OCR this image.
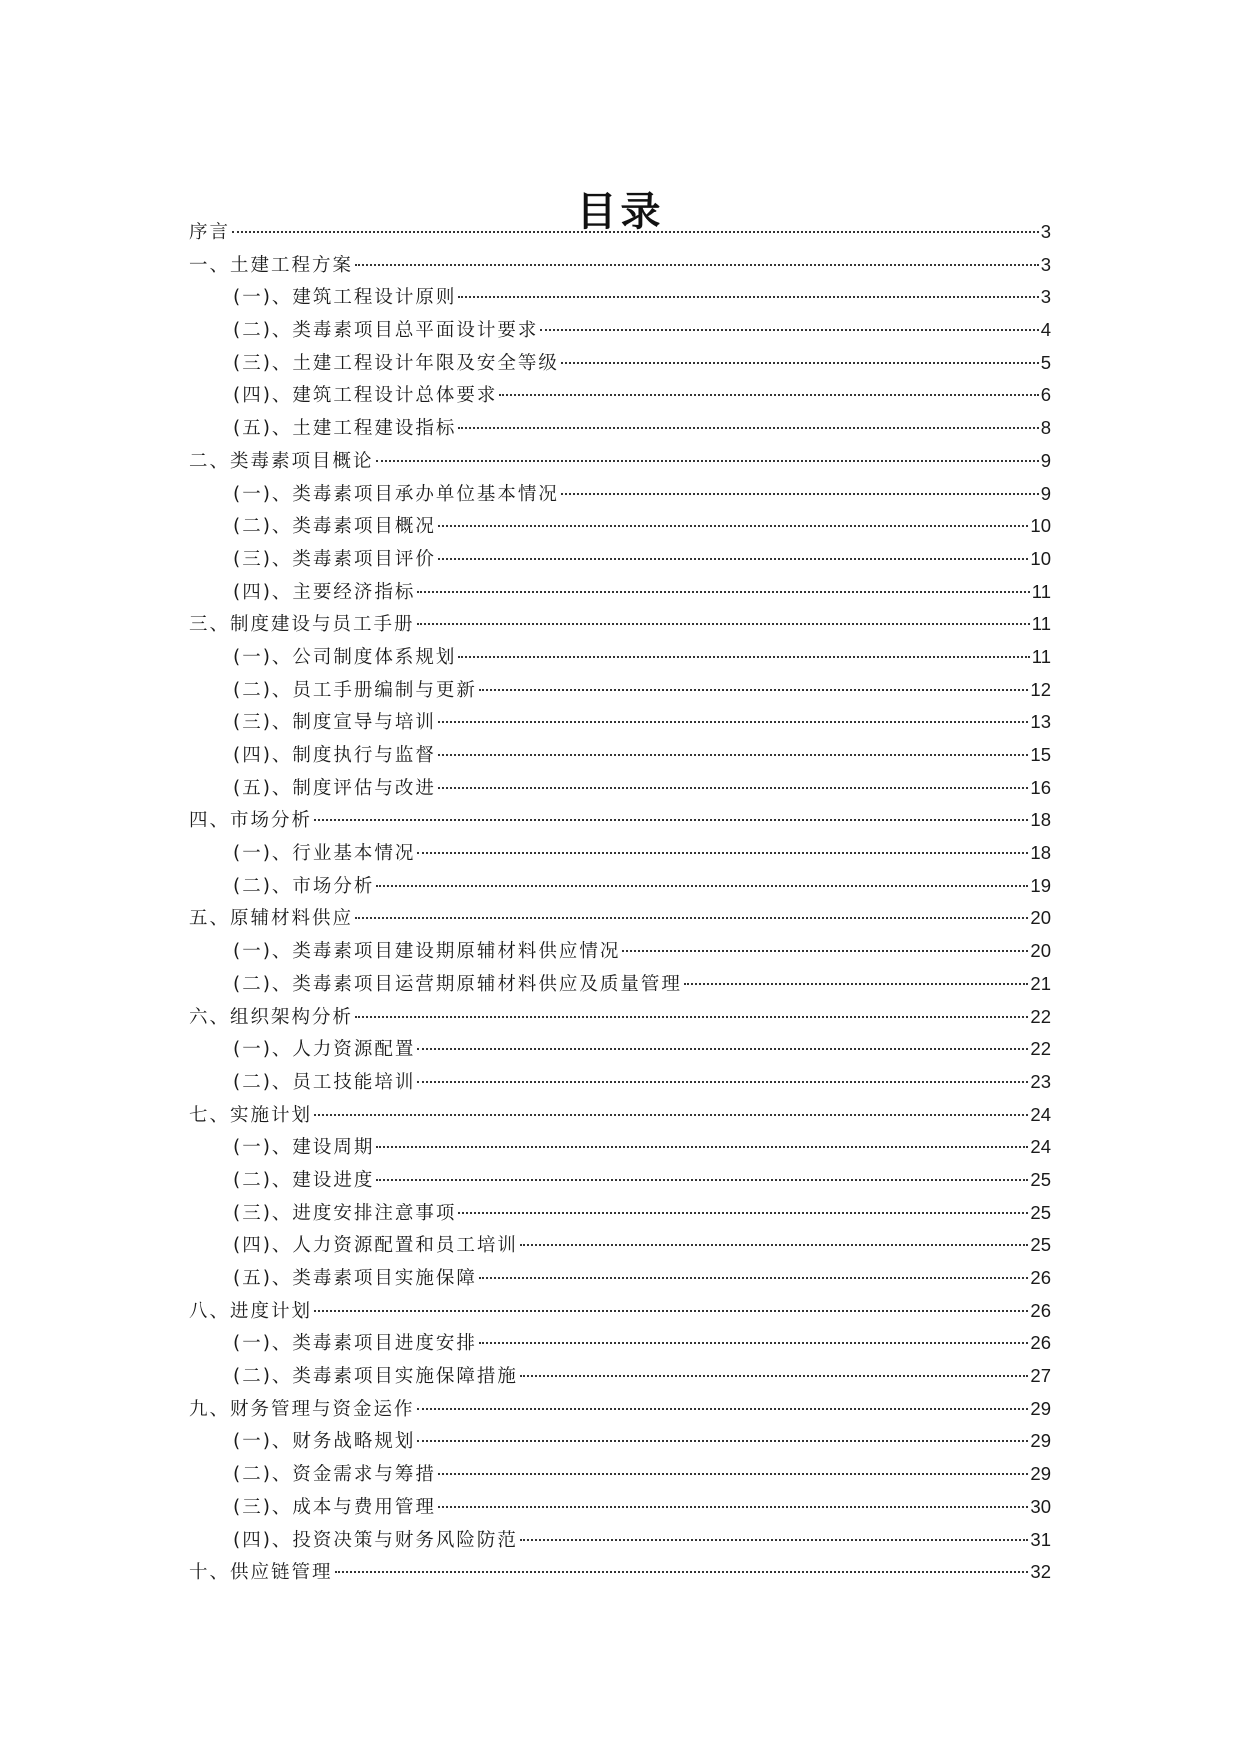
目录
序言	3
一、土建工程方案	3
(一)、建筑工程设计原则	3
(二)、类毒素项目总平面设计要求	4
(三)、土建工程设计年限及安全等级	5
(四)、建筑工程设计总体要求	6
(五)、土建工程建设指标	8
二、类毒素项目概论	9
(一)、类毒素项目承办单位基本情况	9
(二)、类毒素项目概况	10
(三)、类毒素项目评价	10
(四)、主要经济指标	11
三、制度建设与员工手册	11
(一)、公司制度体系规划	11
(二)、员工手册编制与更新	12
(三)、制度宣导与培训	13
(四)、制度执行与监督	15
(五)、制度评估与改进	16
四、市场分析	18
(一)、行业基本情况	18
(二)、市场分析	19
五、原辅材料供应	20
(一)、类毒素项目建设期原辅材料供应情况	20
(二)、类毒素项目运营期原辅材料供应及质量管理	21
六、组织架构分析	22
(一)、人力资源配置	22
(二)、员工技能培训	23
七、实施计划	24
(一)、建设周期	24
(二)、建设进度	25
(三)、进度安排注意事项	25
(四)、人力资源配置和员工培训	25
(五)、类毒素项目实施保障	26
八、进度计划	26
(一)、类毒素项目进度安排	26
(二)、类毒素项目实施保障措施	27
九、财务管理与资金运作	29
(一)、财务战略规划	29
(二)、资金需求与筹措	29
(三)、成本与费用管理	30
(四)、投资决策与财务风险防范	31
十、供应链管理	32
